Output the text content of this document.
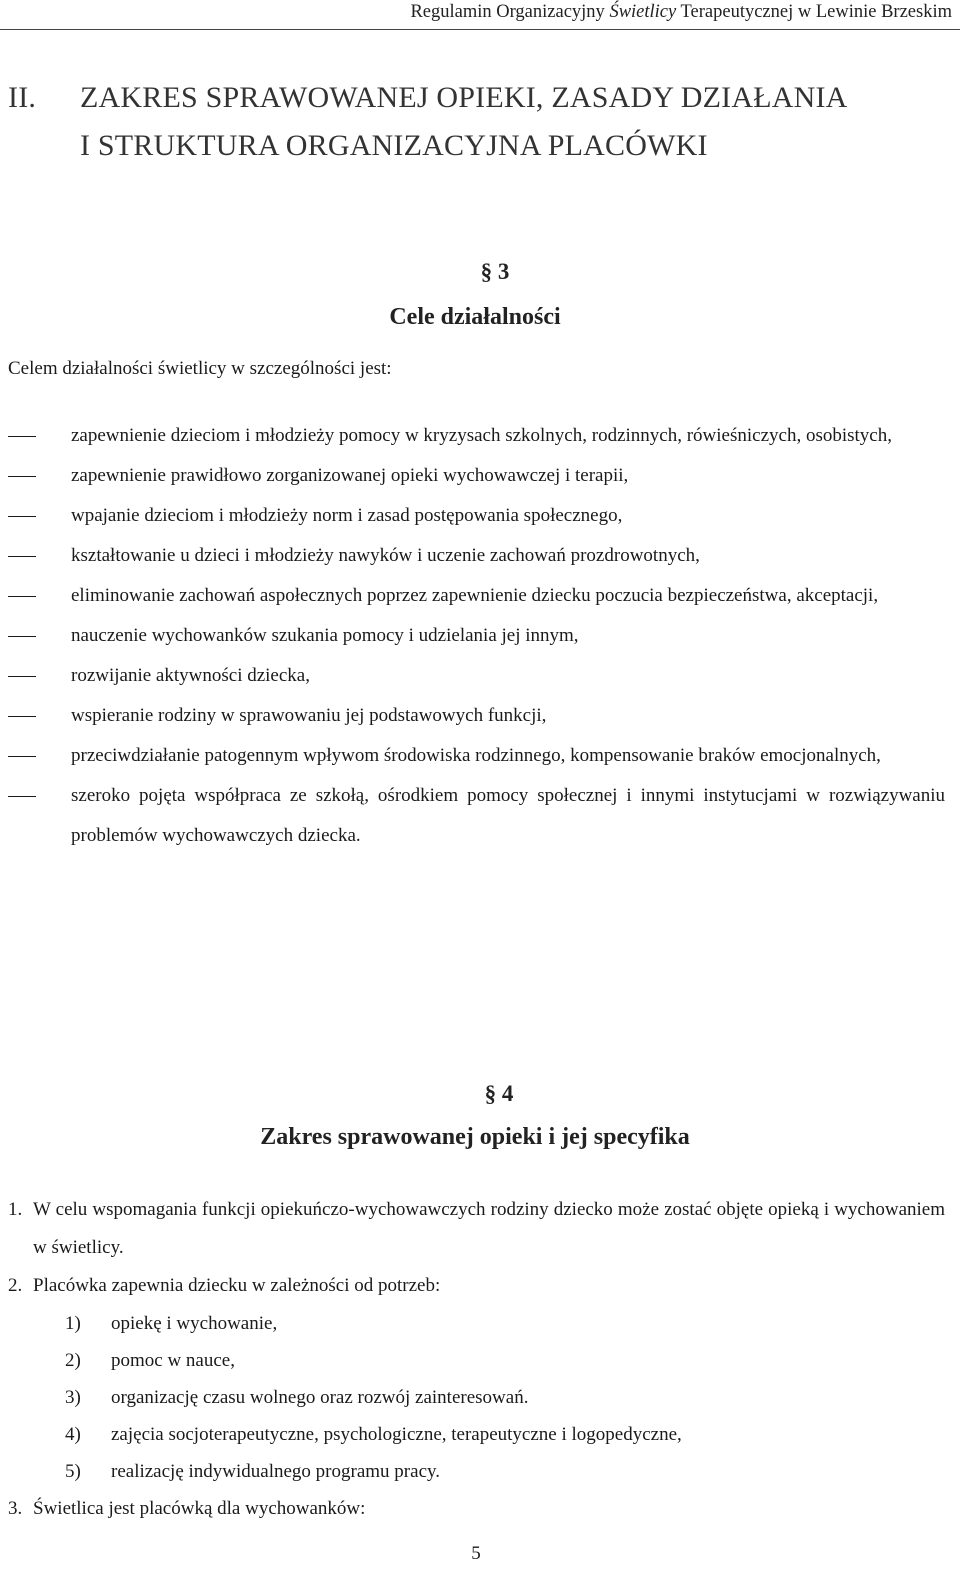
Regulamin Organizacyjny Świetlicy Terapeutycznej w Lewinie Brzeskim
II. ZAKRES SPRAWOWANEJ OPIEKI, ZASADY DZIAŁANIA
I STRUKTURA ORGANIZACYJNA PLACÓWKI
§ 3
Cele działalności
Celem działalności świetlicy w szczególności jest:
zapewnienie dzieciom i młodzieży pomocy w kryzysach szkolnych, rodzinnych, rówieśniczych, osobistych,
zapewnienie prawidłowo zorganizowanej opieki wychowawczej i terapii,
wpajanie dzieciom i młodzieży norm i zasad postępowania społecznego,
kształtowanie u dzieci i młodzieży nawyków i uczenie zachowań prozdrowotnych,
eliminowanie zachowań aspołecznych poprzez zapewnienie dziecku poczucia bezpieczeństwa, akceptacji,
nauczenie wychowanków szukania pomocy i udzielania jej innym,
rozwijanie aktywności dziecka,
wspieranie rodziny w sprawowaniu jej podstawowych funkcji,
przeciwdziałanie patogennym wpływom środowiska rodzinnego, kompensowanie braków emocjonalnych,
szeroko pojęta współpraca ze szkołą, ośrodkiem pomocy społecznej i innymi instytucjami w rozwiązywaniu problemów wychowawczych dziecka.
§ 4
Zakres sprawowanej opieki i jej specyfika
1. W celu wspomagania funkcji opiekuńczo-wychowawczych rodziny dziecko może zostać objęte opieką i wychowaniem w świetlicy.
2. Placówka zapewnia dziecku w zależności od potrzeb:
1) opiekę i wychowanie,
2) pomoc w nauce,
3) organizację czasu wolnego oraz rozwój zainteresowań.
4) zajęcia socjoterapeutyczne, psychologiczne, terapeutyczne i logopedyczne,
5) realizację indywidualnego programu pracy.
3. Świetlica jest placówką dla wychowanków:
5
